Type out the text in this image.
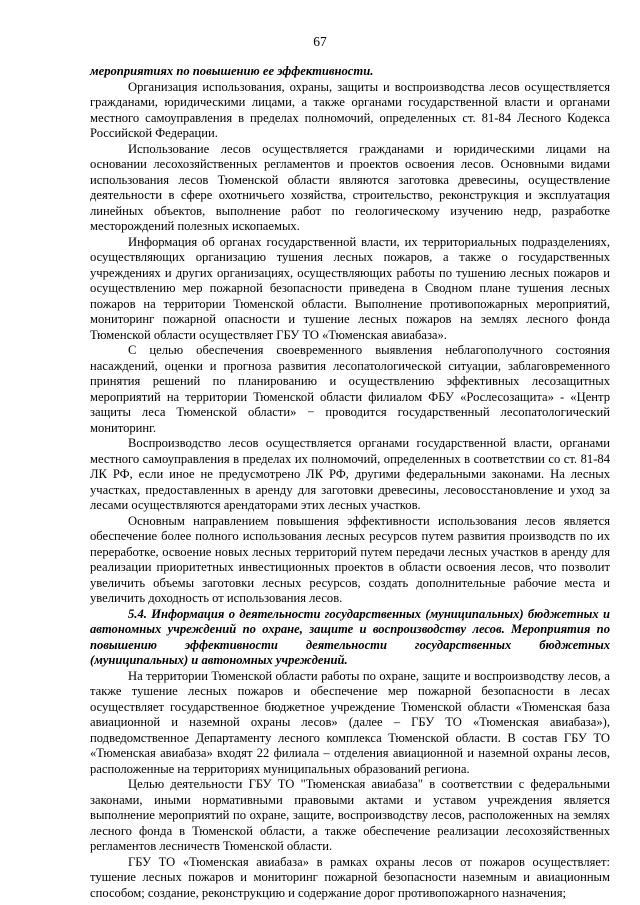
67

мероприятиях по повышению ее эффективности.

Организация использования, охраны, защиты и воспроизводства лесов осуществляется гражданами, юридическими лицами, а также органами государственной власти и органами местного самоуправления в пределах полномочий, определенных ст. 81-84 Лесного Кодекса Российской Федерации.

Использование лесов осуществляется гражданами и юридическими лицами на основании лесохозяйственных регламентов и проектов освоения лесов. Основными видами использования лесов Тюменской области являются заготовка древесины, осуществление деятельности в сфере охотничьего хозяйства, строительство, реконструкция и эксплуатация линейных объектов, выполнение работ по геологическому изучению недр, разработке месторождений полезных ископаемых.

Информация об органах государственной власти, их территориальных подразделениях, осуществляющих организацию тушения лесных пожаров, а также о государственных учреждениях и других организациях, осуществляющих работы по тушению лесных пожаров и осуществлению мер пожарной безопасности приведена в Сводном плане тушения лесных пожаров на территории Тюменской области. Выполнение противопожарных мероприятий, мониторинг пожарной опасности и тушение лесных пожаров на землях лесного фонда Тюменской области осуществляет ГБУ ТО «Тюменская авиабаза».

С целью обеспечения своевременного выявления неблагополучного состояния насаждений, оценки и прогноза развития лесопатологической ситуации, заблаговременного принятия решений по планированию и осуществлению эффективных лесозащитных мероприятий на территории Тюменской области филиалом ФБУ «Рослесозащита» - «Центр защиты леса Тюменской области» − проводится государственный лесопатологический мониторинг.

Воспроизводство лесов осуществляется органами государственной власти, органами местного самоуправления в пределах их полномочий, определенных в соответствии со ст. 81-84 ЛК РФ, если иное не предусмотрено ЛК РФ, другими федеральными законами. На лесных участках, предоставленных в аренду для заготовки древесины, лесовосстановление и уход за лесами осуществляются арендаторами этих лесных участков.

Основным направлением повышения эффективности использования лесов является обеспечение более полного использования лесных ресурсов путем развития производств по их переработке, освоение новых лесных территорий путем передачи лесных участков в аренду для реализации приоритетных инвестиционных проектов в области освоения лесов, что позволит увеличить объемы заготовки лесных ресурсов, создать дополнительные рабочие места и увеличить доходность от использования лесов.

5.4. Информация о деятельности государственных (муниципальных) бюджетных и автономных учреждений по охране, защите и воспроизводству лесов. Мероприятия по повышению эффективности деятельности государственных бюджетных (муниципальных) и автономных учреждений.

На территории Тюменской области работы по охране, защите и воспроизводству лесов, а также тушение лесных пожаров и обеспечение мер пожарной безопасности в лесах осуществляет государственное бюджетное учреждение Тюменской области «Тюменская база авиационной и наземной охраны лесов» (далее – ГБУ ТО «Тюменская авиабаза»), подведомственное Департаменту лесного комплекса Тюменской области. В состав ГБУ ТО «Тюменская авиабаза» входят 22 филиала – отделения авиационной и наземной охраны лесов, расположенные на территориях муниципальных образований региона.

Целью деятельности ГБУ ТО "Тюменская авиабаза" в соответствии с федеральными законами, иными нормативными правовыми актами и уставом учреждения является выполнение мероприятий по охране, защите, воспроизводству лесов, расположенных на землях лесного фонда в Тюменской области, а также обеспечение реализации лесохозяйственных регламентов лесничеств Тюменской области.

ГБУ ТО «Тюменская авиабаза» в рамках охраны лесов от пожаров осуществляет: тушение лесных пожаров и мониторинг пожарной безопасности наземным и авиационным способом; создание, реконструкцию и содержание дорог противопожарного назначения;
